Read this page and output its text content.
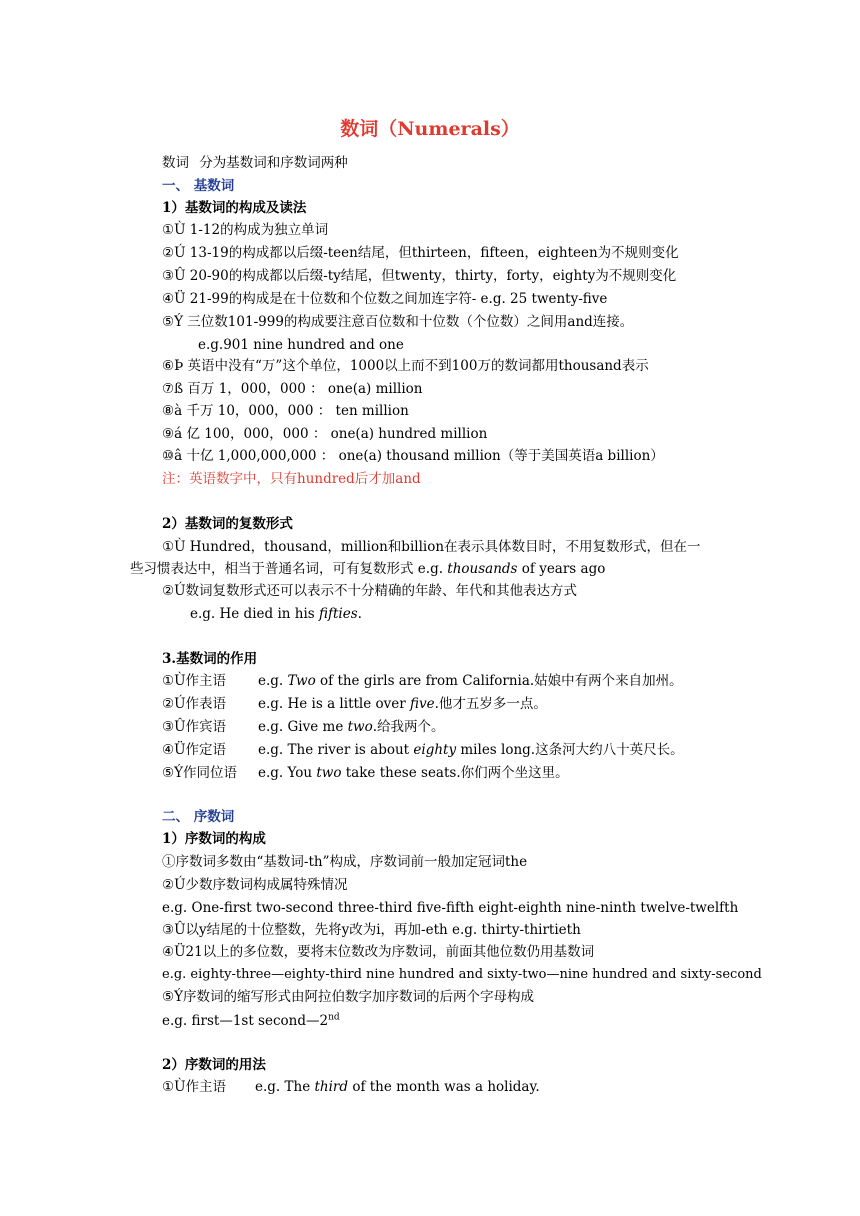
数词（Numerals）
数词 分为基数词和序数词两种
一、 基数词
1）基数词的构成及读法
①Ù 1-12的构成为独立单词
②Ú 13-19的构成都以后缀-teen结尾，但thirteen，fifteen，eighteen为不规则变化
③Û 20-90的构成都以后缀-ty结尾，但twenty，thirty，forty，eighty为不规则变化
④Ü 21-99的构成是在十位数和个位数之间加连字符- e.g. 25 twenty-five
⑤Ý 三位数101-999的构成要注意百位数和十位数（个位数）之间用and连接。
e.g.901 nine hundred and one
⑥Þ 英语中没有“万”这个单位，1000以上而不到100万的数词都用thousand表示
⑦ß 百万 1，000，000 ： one(a) million
⑧à 千万 10，000，000 ： ten million
⑨á 亿 100，000，000 ： one(a) hundred million
⑩â 十亿 1,000,000,000 ： one(a) thousand million（等于美国英语a billion）
注：英语数字中，只有hundred后才加and
2）基数词的复数形式
①Ù Hundred，thousand，million和billion在表示具体数目时，不用复数形式，但在一
些习惯表达中，相当于普通名词，可有复数形式 e.g. thousands of years ago
②Ú数词复数形式还可以表示不十分精确的年龄、年代和其他表达方式
e.g. He died in his fifties.
3.基数词的作用
①Ù作主语 e.g. Two of the girls are from California.姑娘中有两个来自加州。
②Ú作表语 e.g. He is a little over five.他才五岁多一点。
③Û作宾语 e.g. Give me two.给我两个。
④Ü作定语 e.g. The river is about eighty miles long.这条河大约八十英尺长。
⑤Ý作同位语 e.g. You two take these seats.你们两个坐这里。
二、 序数词
1）序数词的构成
①序数词多数由“基数词-th”构成，序数词前一般加定冠词the
②Ú少数序数词构成属特殊情况
e.g. One-first two-second three-third five-fifth eight-eighth nine-ninth twelve-twelfth
③Û以y结尾的十位整数，先将y改为i，再加-eth e.g. thirty-thirtieth
④Ü21以上的多位数，要将末位数改为序数词，前面其他位数仍用基数词
e.g. eighty-three—eighty-third nine hundred and sixty-two—nine hundred and sixty-second
⑤Ý序数词的缩写形式由阿拉伯数字加序数词的后两个字母构成
e.g. first—1st second—2nd
2）序数词的用法
①Ù作主语 e.g. The third of the month was a holiday.
